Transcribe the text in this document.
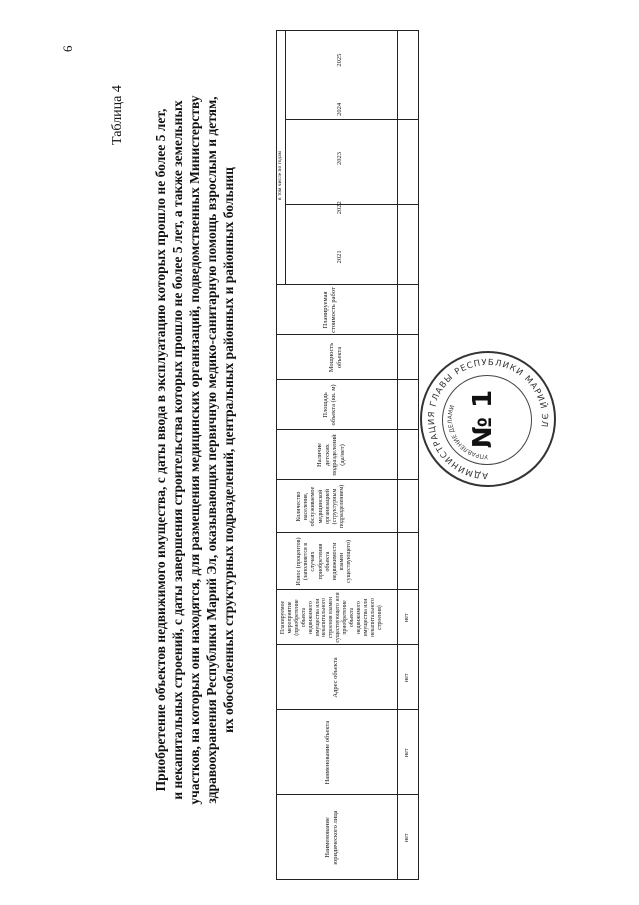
6
Таблица 4 Приобретение объектов недвижимого имущества, с даты ввода в эксплуатацию которых прошло не более 5 лет, и некапитальных строений, с даты завершения строительства которых прошло не более 5 лет, а также земельных участков, на которых они находятся, для размещения медицинских организаций, подведомственных Министерству здравоохранения Республики Марий Эл, оказывающих первичную медико-санитарную помощь взрослым и детям, их обособленных структурных подразделений, центральных районных и районных больниц
Наименование юридического лица
Наименование объекта
Адрес объекта
Планируемое мероприятие (приобретение объекта недвижимого имущества или некапитального строения взамен существующего или приобретение объекта недвижимого имущества или некапитального строения)
Износ (процентов) (заполняется в случаях приобретения объекта недвижимости взамен существующего)
Количество населения, обслуживаемое медицинской организацией (структурным подразделением)
Наличие детских подразделений (да/нет)
Площадь объекта (кв. м)
Мощность объекта
Планируемая стоимость работ
в том числе по годам
2021
2022
2023
2024
2025
нет
нет
нет
нет
АДМИНИСТРАЦИЯ ГЛАВЫ РЕСПУБЛИКИ МАРИЙ ЭЛ
УПРАВЛЕНИЕ ДЕЛАМИ № 1
